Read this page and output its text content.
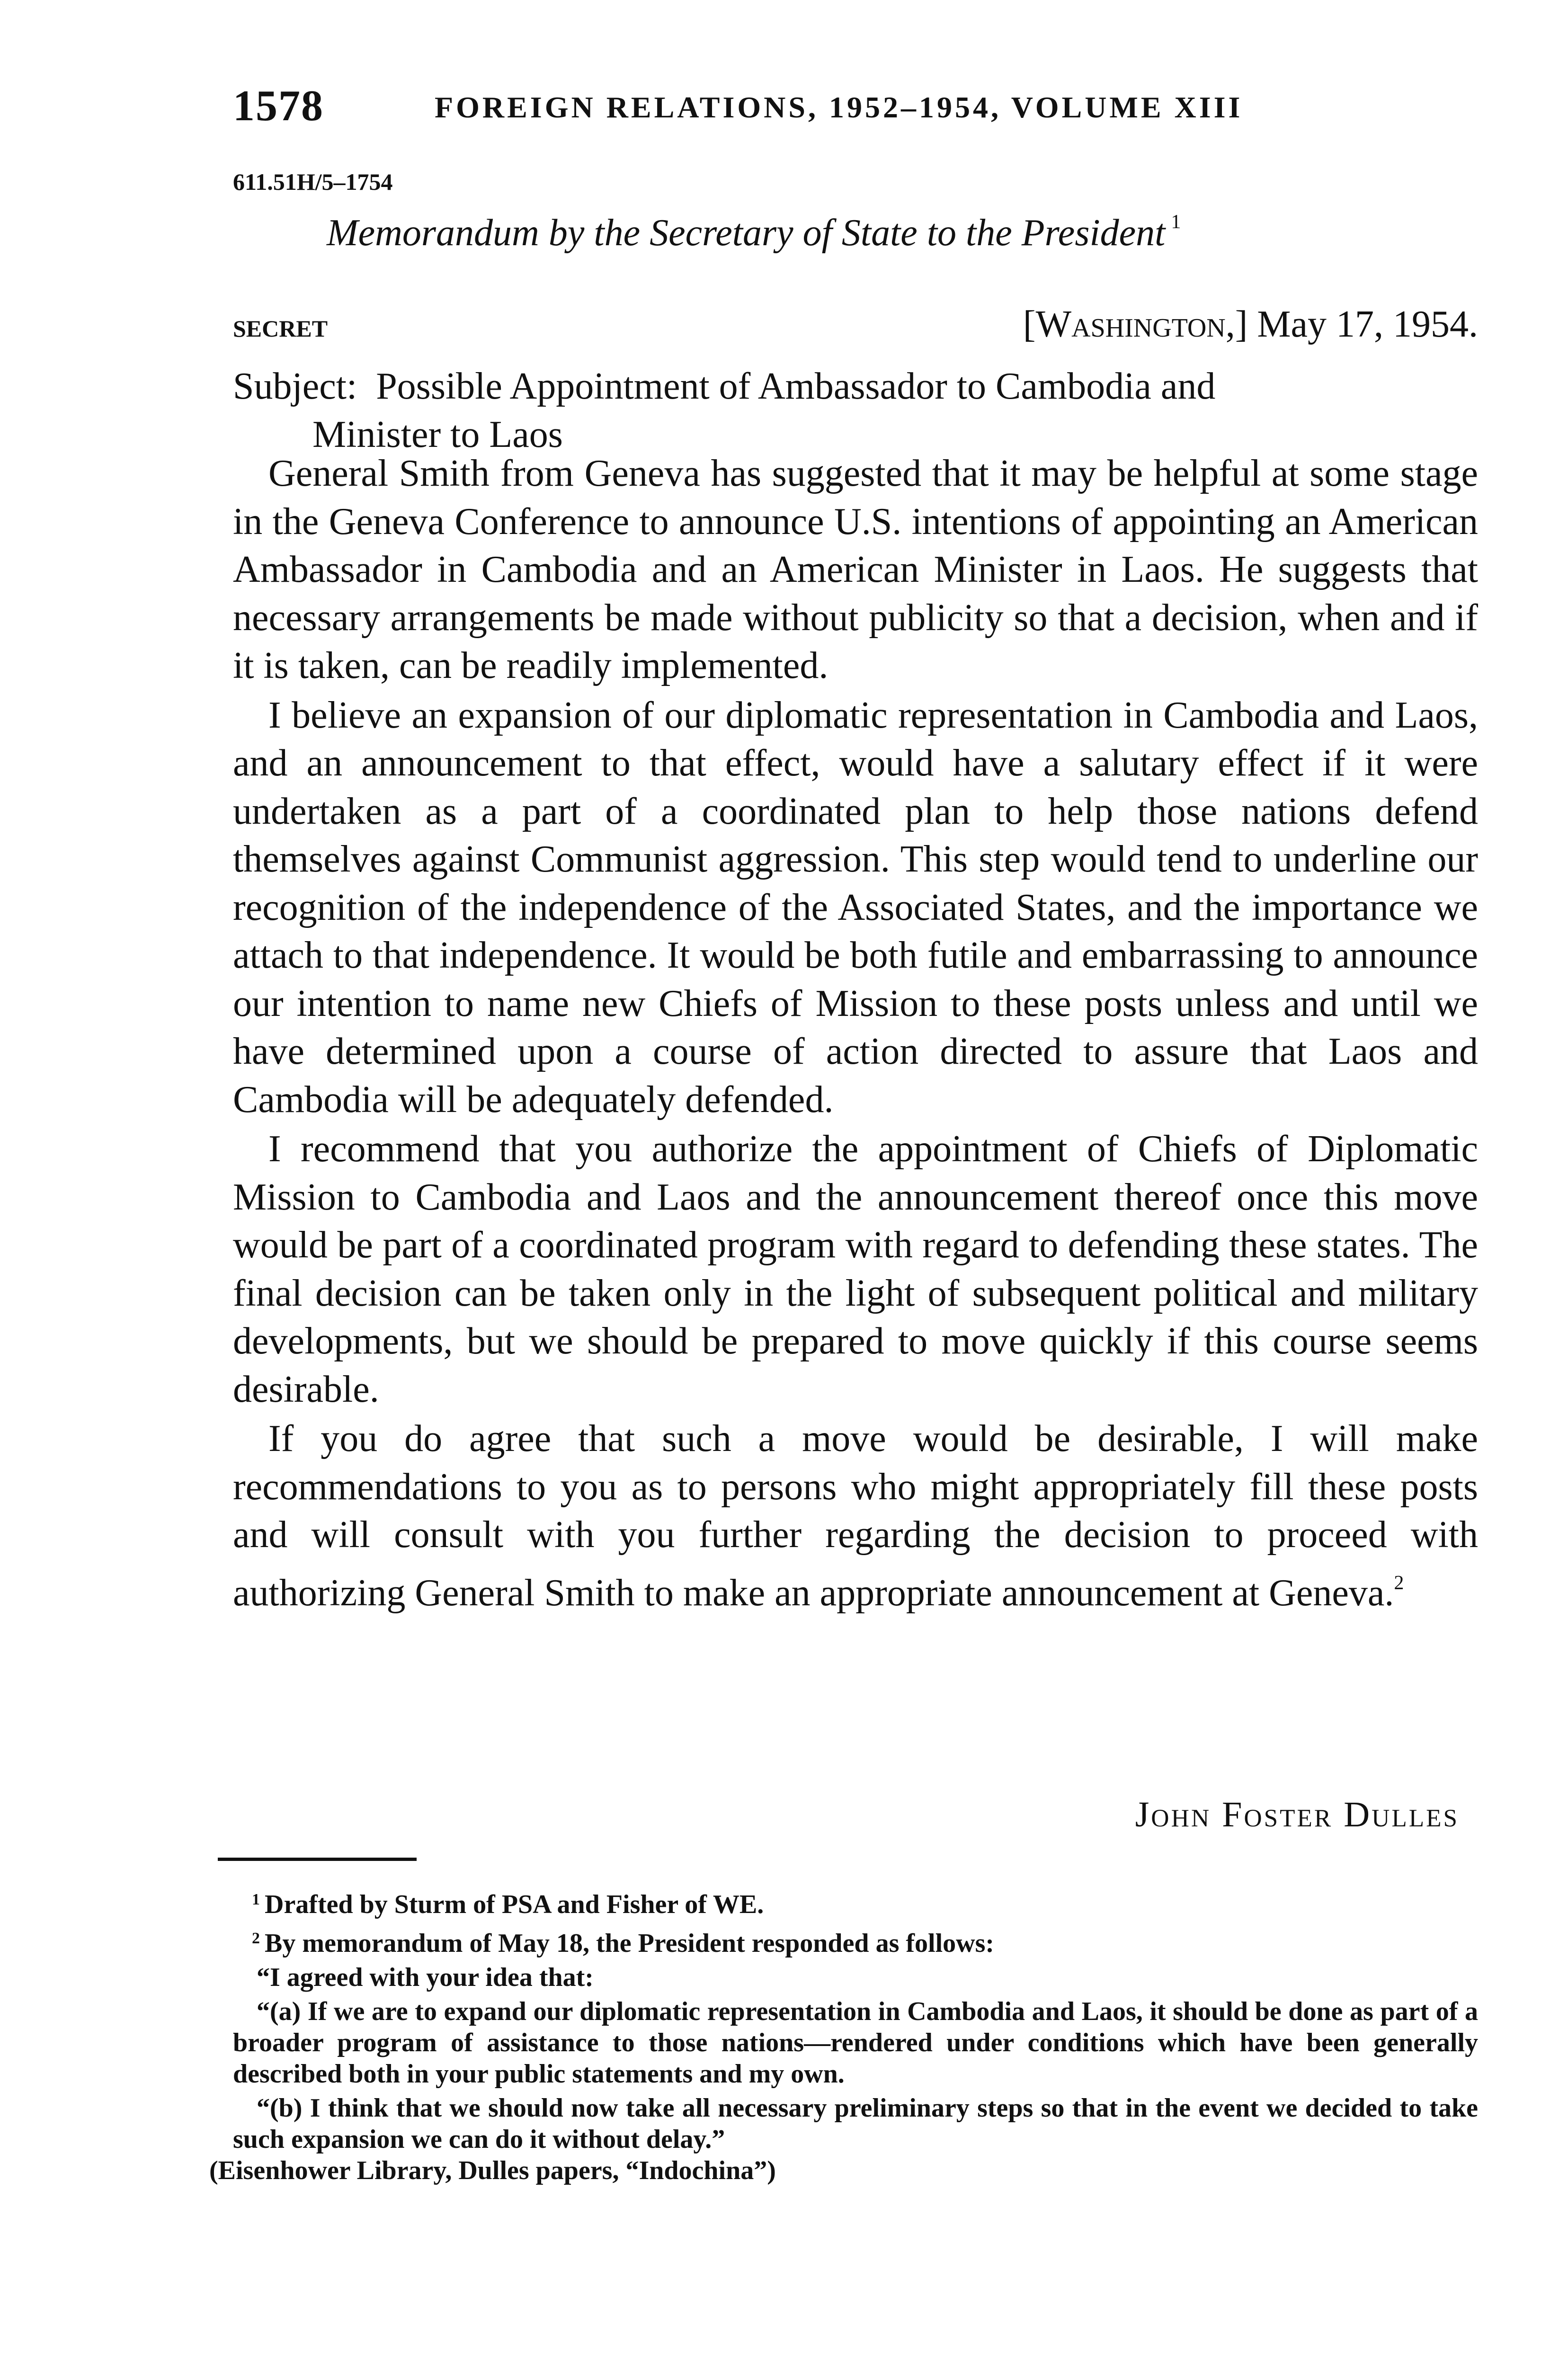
1578	FOREIGN RELATIONS, 1952–1954, VOLUME XIII
611.51H/5–1754
Memorandum by the Secretary of State to the President $^1$
SECRET	[Washington,] May 17, 1954.
Subject: Possible Appointment of Ambassador to Cambodia and
Minister to Laos

General Smith from Geneva has suggested that it may be helpful at some stage in the Geneva Conference to announce U.S. intentions of appointing an American Ambassador in Cambodia and an American Minister in Laos. He suggests that necessary arrangements be made without publicity so that a decision, when and if it is taken, can be readily implemented.

I believe an expansion of our diplomatic representation in Cambodia and Laos, and an announcement to that effect, would have a salutary effect if it were undertaken as a part of a coordinated plan to help those nations defend themselves against Communist aggression. This step would tend to underline our recognition of the independence of the Associated States, and the importance we attach to that independence. It would be both futile and embarrassing to announce our intention to name new Chiefs of Mission to these posts unless and until we have determined upon a course of action directed to assure that Laos and Cambodia will be adequately defended.

I recommend that you authorize the appointment of Chiefs of Diplomatic Mission to Cambodia and Laos and the announcement thereof once this move would be part of a coordinated program with regard to defending these states. The final decision can be taken only in the light of subsequent political and military developments, but we should be prepared to move quickly if this course seems desirable.

If you do agree that such a move would be desirable, I will make recommendations to you as to persons who might appropriately fill these posts and will consult with you further regarding the decision to proceed with authorizing General Smith to make an appropriate announcement at Geneva.$^2$

John Foster Dulles

$^1$ Drafted by Sturm of PSA and Fisher of WE.

$^2$ By memorandum of May 18, the President responded as follows:

“I agreed with your idea that:

“(a) If we are to expand our diplomatic representation in Cambodia and Laos, it should be done as part of a broader program of assistance to those nations—rendered under conditions which have been generally described both in your public statements and my own.

“(b) I think that we should now take all necessary preliminary steps so that in the event we decided to take such expansion we can do it without delay.”
(Eisenhower Library, Dulles papers, “Indochina”)
